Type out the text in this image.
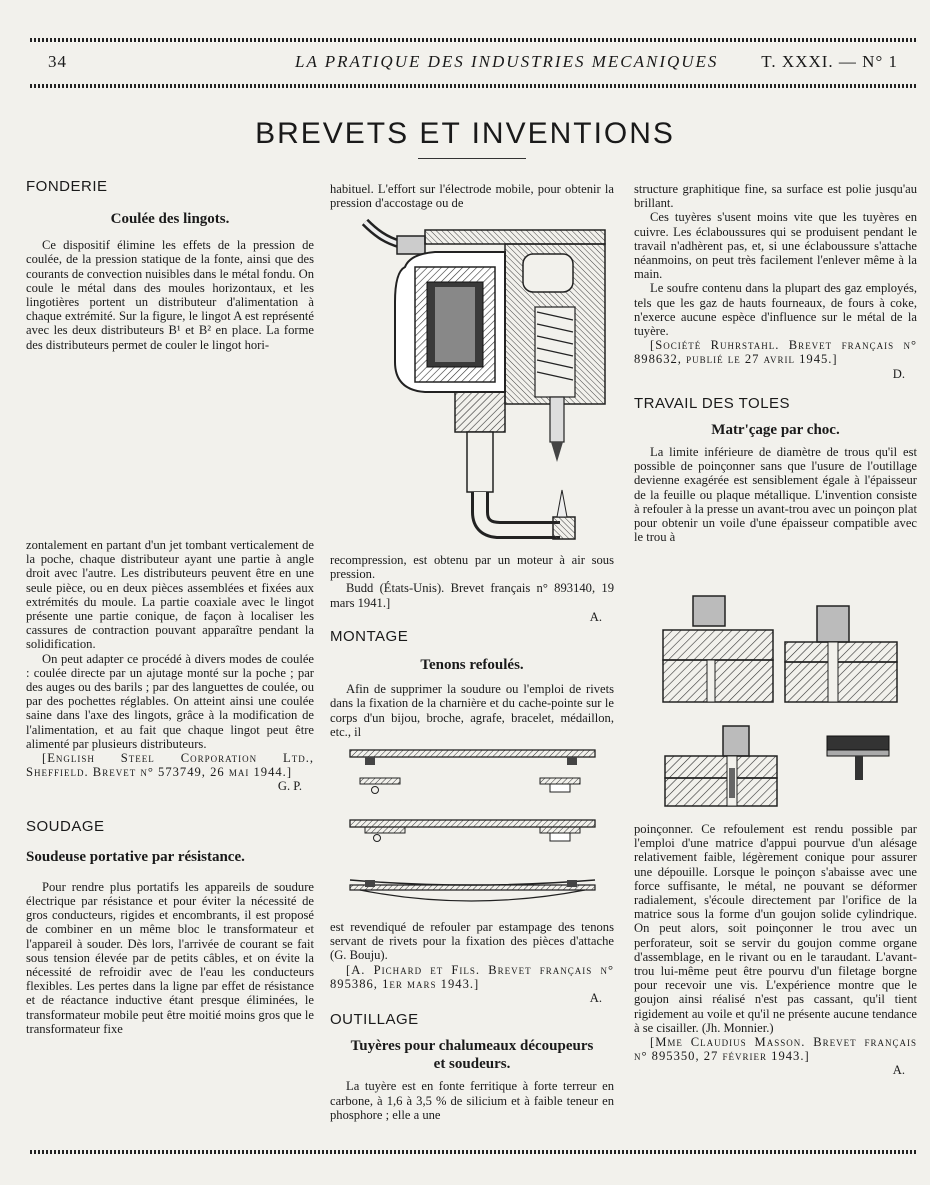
34	LA PRATIQUE DES INDUSTRIES MECANIQUES	T. XXXI. — N° 1
BREVETS ET INVENTIONS
FONDERIE
Coulée des lingots.

Ce dispositif élimine les effets de la pression de coulée, de la pression statique de la fonte, ainsi que des courants de convection nuisibles dans le métal fondu. On coule le métal dans des moules horizontaux, et les lingotières portent un distributeur d'alimentation à chaque extrémité. Sur la figure, le lingot A est représenté avec les deux distributeurs B¹ et B² en place. La forme des distributeurs permet de couler le lingot hori-

zontalement en partant d'un jet tombant verticalement de la poche, chaque distributeur ayant une partie à angle droit avec l'autre. Les distributeurs peuvent être en une seule pièce, ou en deux pièces assemblées et fixées aux extrémités du moule. La partie coaxiale avec le lingot présente une partie conique, de façon à localiser les cassures de contraction pouvant apparaître pendant la solidification.

On peut adapter ce procédé à divers modes de coulée : coulée directe par un ajutage monté sur la poche ; par des auges ou des barils ; par des languettes de coulée, ou par des pochettes réglables. On atteint ainsi une coulée saine dans l'axe des lingots, grâce à la modification de l'alimentation, et au fait que chaque lingot peut être alimenté par plusieurs distributeurs.

[English Steel Corporation Ltd., Sheffield. Brevet n° 573749, 26 mai 1944.]

G. P.
SOUDAGE
Soudeuse portative par résistance.

Pour rendre plus portatifs les appareils de soudure électrique par résistance et pour éviter la nécessité de gros conducteurs, rigides et encombrants, il est proposé de combiner en un même bloc le transformateur et l'appareil à souder. Dès lors, l'arrivée de courant se fait sous tension élevée par de petits câbles, et on évite la nécessité de refroidir avec de l'eau les conducteurs flexibles. Les pertes dans la ligne par effet de résistance et de réactance inductive étant presque éliminées, le transformateur mobile peut être moitié moins gros que le transformateur fixe

habituel. L'effort sur l'électrode mobile, pour obtenir la pression d'accostage ou de

recompression, est obtenu par un moteur à air sous pression.

Budd (États-Unis). Brevet français n° 893140, 19 mars 1941.]

A.
MONTAGE
Tenons refoulés.

Afin de supprimer la soudure ou l'emploi de rivets dans la fixation de la charnière et du cache-pointe sur le corps d'un bijou, broche, agrafe, bracelet, médaillon, etc., il

est revendiqué de refouler par estampage des tenons servant de rivets pour la fixation des pièces d'attache (G. Bouju).

[A. Pichard et Fils. Brevet français n° 895386, 1er mars 1943.]

A.
OUTILLAGE
Tuyères pour chalumeaux découpeurs
et soudeurs.

La tuyère est en fonte ferritique à forte terreur en carbone, à 1,6 à 3,5 % de silicium et à faible teneur en phosphore ; elle a une

structure graphitique fine, sa surface est polie jusqu'au brillant.

Ces tuyères s'usent moins vite que les tuyères en cuivre. Les éclaboussures qui se produisent pendant le travail n'adhèrent pas, et, si une éclaboussure s'attache néanmoins, on peut très facilement l'enlever même à la main.

Le soufre contenu dans la plupart des gaz employés, tels que les gaz de hauts fourneaux, de fours à coke, n'exerce aucune espèce d'influence sur le métal de la tuyère.

[Société Ruhrstahl. Brevet français n° 898632, publié le 27 avril 1945.]

D.
TRAVAIL DES TOLES
Matr'çage par choc.

La limite inférieure de diamètre de trous qu'il est possible de poinçonner sans que l'usure de l'outillage devienne exagérée est sensiblement égale à l'épaisseur de la feuille ou plaque métallique. L'invention consiste à refouler à la presse un avant-trou avec un poinçon plat pour obtenir un voile d'une épaisseur compatible avec le trou à

poinçonner. Ce refoulement est rendu possible par l'emploi d'une matrice d'appui pourvue d'un alésage relativement faible, légèrement conique pour assurer une dépouille. Lorsque le poinçon s'abaisse avec une force suffisante, le métal, ne pouvant se déformer radialement, s'écoule directement par l'orifice de la matrice sous la forme d'un goujon solide cylindrique. On peut alors, soit poinçonner le trou avec un perforateur, soit se servir du goujon comme organe d'assemblage, en le rivant ou en le taraudant. L'avant-trou lui-même peut être pourvu d'un filetage borgne pour recevoir une vis. L'expérience montre que le goujon ainsi réalisé n'est pas cassant, qu'il tient rigidement au voile et qu'il ne présente aucune tendance à se cisailler. (Jh. Monnier.)

[Mme Claudius Masson. Brevet français n° 895350, 27 février 1943.]

A.
